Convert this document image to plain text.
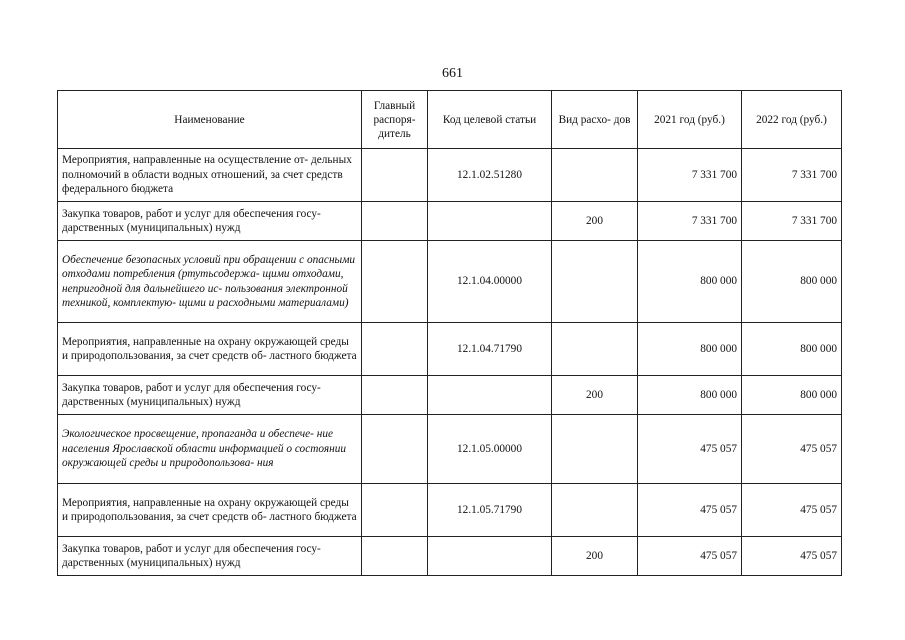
661
Наименование	Главный распоря- дитель	Код целевой статьи	Вид расхо- дов	2021 год (руб.)	2022 год (руб.)
Мероприятия, направленные на осуществление от- дельных полномочий в области водных отношений, за счет средств федерального бюджета		12.1.02.51280		7 331 700	7 331 700
Закупка товаров, работ и услуг для обеспечения госу- дарственных (муниципальных) нужд			200	7 331 700	7 331 700
Обеспечение безопасных условий при обращении с опасными отходами потребления (ртутьсодержа- щими отходами, непригодной для дальнейшего ис- пользования электронной техникой, комплектую- щими и расходными материалами)		12.1.04.00000		800 000	800 000
Мероприятия, направленные на охрану окружающей среды и природопользования, за счет средств об- ластного бюджета		12.1.04.71790		800 000	800 000
Закупка товаров, работ и услуг для обеспечения госу- дарственных (муниципальных) нужд			200	800 000	800 000
Экологическое просвещение, пропаганда и обеспече- ние населения Ярославской области информацией о состоянии окружающей среды и природопользова- ния		12.1.05.00000		475 057	475 057
Мероприятия, направленные на охрану окружающей среды и природопользования, за счет средств об- ластного бюджета		12.1.05.71790		475 057	475 057
Закупка товаров, работ и услуг для обеспечения госу- дарственных (муниципальных) нужд			200	475 057	475 057
